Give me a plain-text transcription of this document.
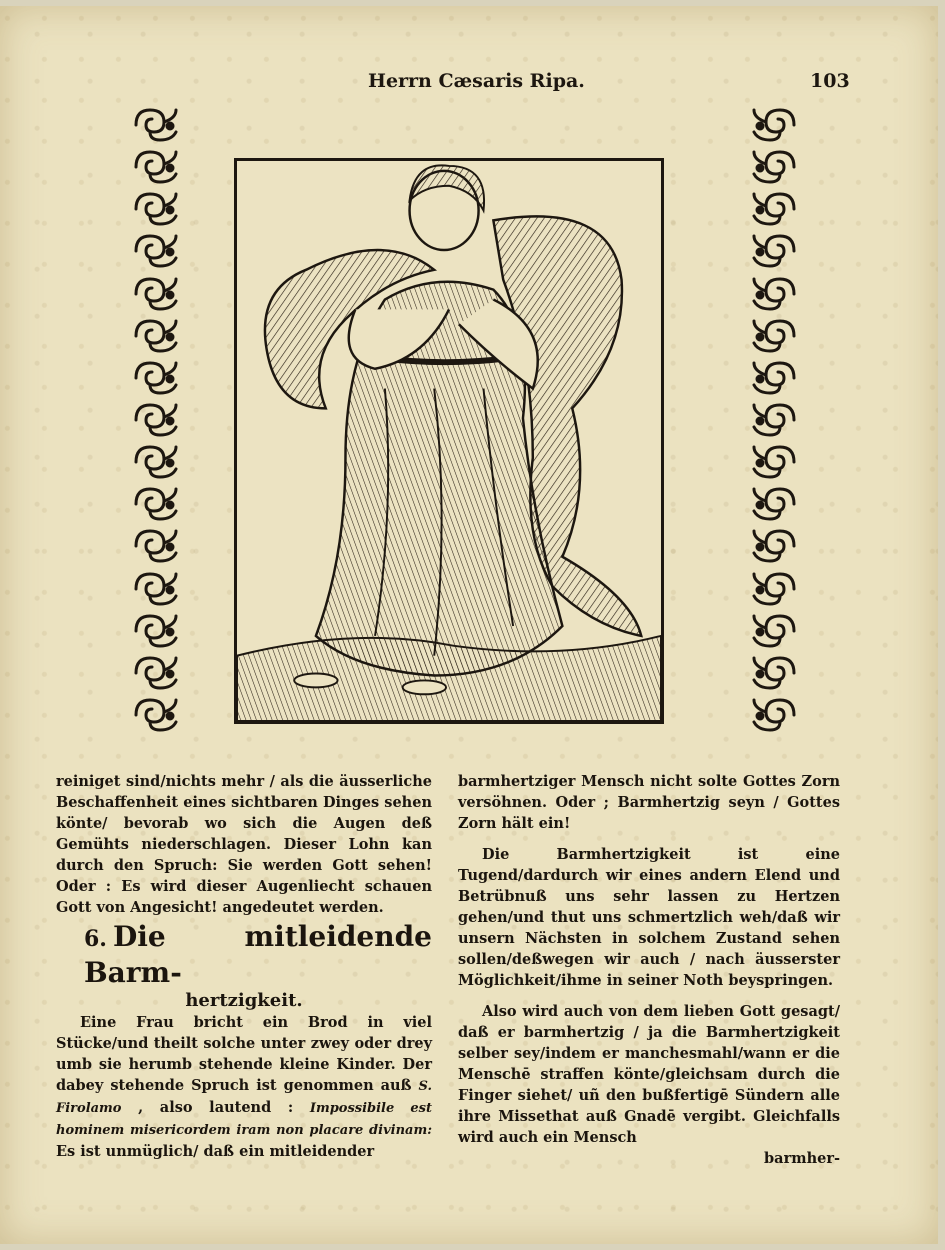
Herrn Cæsaris Ripa.	103

reiniget sind/nichts mehr / als die äusserliche Beschaffenheit eines sichtbaren Dinges sehen könte/ bevorab wo sich die Augen deß Gemühts niederschlagen. Dieser Lohn kan durch den Spruch: Sie werden Gott sehen! Oder : Es wird dieser Augenliecht schauen Gott von Angesicht! angedeutet werden.

6. Die mitleidende Barm-

hertzigkeit.

Eine Frau bricht ein Brod in viel Stücke/und theilt solche unter zwey oder drey umb sie herumb stehende kleine Kinder. Der dabey stehende Spruch ist genommen auß S. Firolamo , also lautend : Impossibile est hominem misericordem iram non placare divinam: Es ist unmüglich/ daß ein mitleidender

barmhertziger Mensch nicht solte Gottes Zorn versöhnen. Oder ; Barmhertzig seyn / Gottes Zorn hält ein!

Die Barmhertzigkeit ist eine Tugend/dardurch wir eines andern Elend und Betrübnuß uns sehr lassen zu Hertzen gehen/und thut uns schmertzlich weh/daß wir unsern Nächsten in solchem Zustand sehen sollen/deßwegen wir auch / nach äusserster Möglichkeit/ihme in seiner Noth beyspringen.

Also wird auch von dem lieben Gott gesagt/ daß er barmhertzig / ja die Barmhertzigkeit selber sey/indem er manchesmahl/wann er die Menschē straffen könte/gleichsam durch die Finger siehet/ uñ den bußfertigē Sündern alle ihre Missethat auß Gnadē vergibt. Gleichfalls wird auch ein Mensch

barmher-
